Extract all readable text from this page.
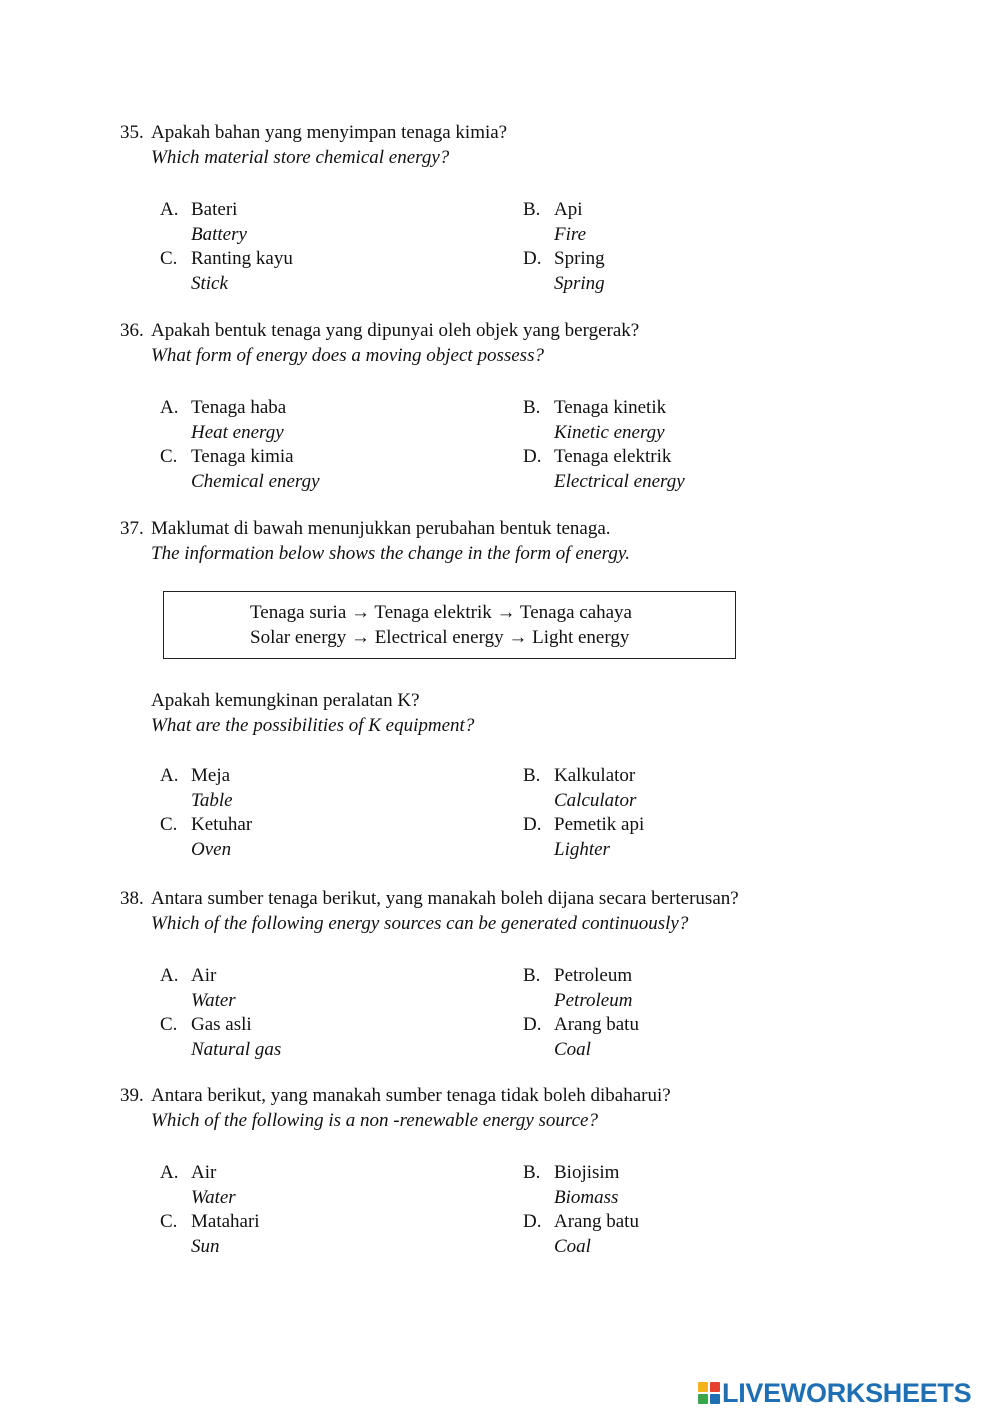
35. Apakah bahan yang menyimpan tenaga kimia?
Which material store chemical energy?
A. Bateri
Battery
B. Api
Fire
C. Ranting kayu
Stick
D. Spring
Spring
36. Apakah bentuk tenaga yang dipunyai oleh objek yang bergerak?
What form of energy does a moving object possess?
A. Tenaga haba
Heat energy
B. Tenaga kinetik
Kinetic energy
C. Tenaga kimia
Chemical energy
D. Tenaga elektrik
Electrical energy
37. Maklumat di bawah menunjukkan perubahan bentuk tenaga.
The information below shows the change in the form of energy.
Tenaga suria → Tenaga elektrik → Tenaga cahaya
Solar energy → Electrical energy → Light energy
Apakah kemungkinan peralatan K?
What are the possibilities of K equipment?
A. Meja
Table
B. Kalkulator
Calculator
C. Ketuhar
Oven
D. Pemetik api
Lighter
38. Antara sumber tenaga berikut, yang manakah boleh dijana secara berterusan?
Which of the following energy sources can be generated continuously?
A. Air
Water
B. Petroleum
Petroleum
C. Gas asli
Natural gas
D. Arang batu
Coal
39. Antara berikut, yang manakah sumber tenaga tidak boleh dibaharui?
Which of the following is a non -renewable energy source?
A. Air
Water
B. Biojisim
Biomass
C. Matahari
Sun
D. Arang batu
Coal
LIVEWORKSHEETS
